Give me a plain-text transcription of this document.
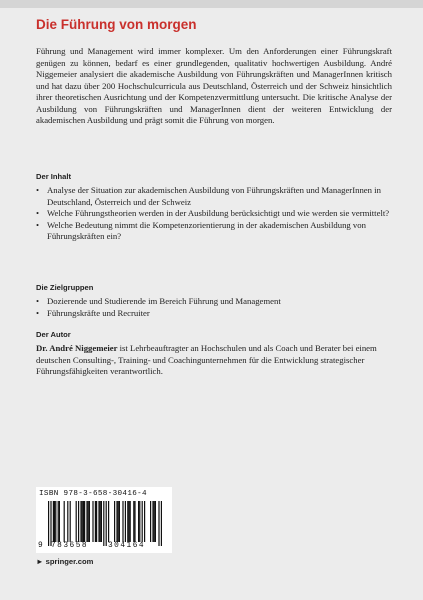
Die Führung von morgen

Führung und Management wird immer komplexer. Um den Anforderungen einer Führungskraft genügen zu können, bedarf es einer grundlegenden, qualitativ hochwertigen Ausbildung. André Niggemeier analysiert die akademische Ausbildung von Führungskräften und ManagerInnen kritisch und hat dazu über 200 Hochschulcurricula aus Deutschland, Österreich und der Schweiz hinsichtlich ihrer theoretischen Ausrichtung und der Kompetenzvermittlung untersucht. Die kritische Analyse der Ausbildung von Führungskräften und ManagerInnen dient der weiteren Entwicklung der akademischen Ausbildung und prägt somit die Führung von morgen.

Der Inhalt
• Analyse der Situation zur akademischen Ausbildung von Führungskräften und ManagerInnen in Deutschland, Österreich und der Schweiz
• Welche Führungstheorien werden in der Ausbildung berücksichtigt und wie werden sie vermittelt?
• Welche Bedeutung nimmt die Kompetenzorientierung in der akademischen Ausbildung von Führungskräften ein?
Die Zielgruppen
• Dozierende und Studierende im Bereich Führung und Management
• Führungskräfte und Recruiter
Der Autor

Dr. André Niggemeier ist Lehrbeauftragter an Hochschulen und als Coach und Berater bei einem deutschen Consulting-, Training- und Coachingunternehmen für die Entwicklung strategischer Führungsfähigkeiten verantwortlich.

ISBN 978-3-658-30416-4
9 783658	304164
► springer.com
